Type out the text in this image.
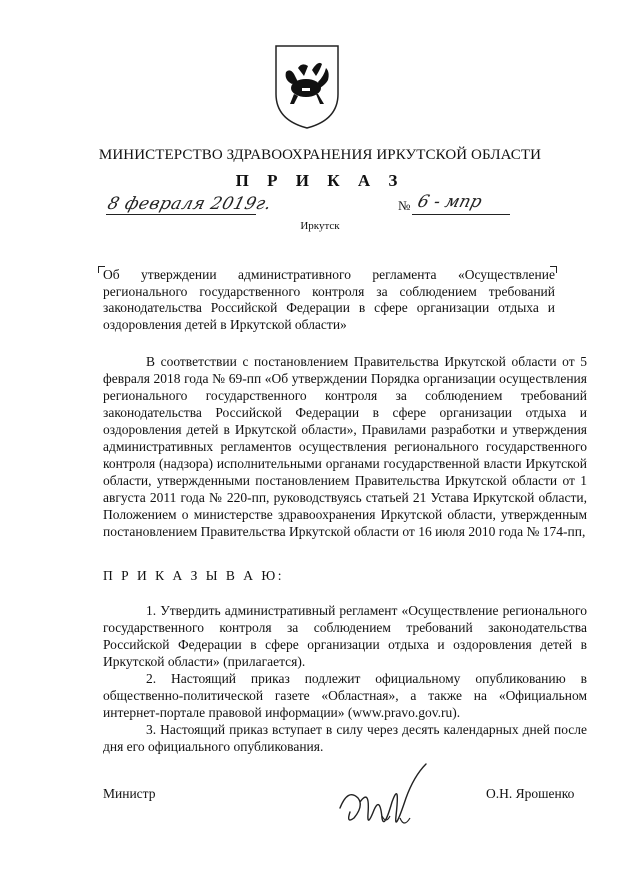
МИНИСТЕРСТВО ЗДРАВООХРАНЕНИЯ ИРКУТСКОЙ ОБЛАСТИ
П Р И К А З
8 февраля 2019г.	№ 6 - мпр
Иркутск
Об утверждении административного регламента «Осуществление регионального государственного контроля за соблюдением требований законодательства Российской Федерации в сфере организации отдыха и оздоровления детей в Иркутской области»
В соответствии с постановлением Правительства Иркутской области от 5 февраля 2018 года № 69-пп «Об утверждении Порядка организации осуществления регионального государственного контроля за соблюдением требований законодательства Российской Федерации в сфере организации отдыха и оздоровления детей в Иркутской области», Правилами разработки и утверждения административных регламентов осуществления регионального государственного контроля (надзора) исполнительными органами государственной власти Иркутской области, утвержденными постановлением Правительства Иркутской области от 1 августа 2011 года № 220-пп, руководствуясь статьей 21 Устава Иркутской области, Положением о министерстве здравоохранения Иркутской области, утвержденным постановлением Правительства Иркутской области от 16 июля 2010 года № 174-пп,
П Р И К А З Ы В А Ю:

1. Утвердить административный регламент «Осуществление регионального государственного контроля за соблюдением требований законодательства Российской Федерации в сфере организации отдыха и оздоровления детей в Иркутской области» (прилагается).

2. Настоящий приказ подлежит официальному опубликованию в общественно-политической газете «Областная», а также на «Официальном интернет-портале правовой информации» (www.pravo.gov.ru).

3. Настоящий приказ вступает в силу через десять календарных дней после дня его официального опубликования.

Министр	О.Н. Ярошенко
